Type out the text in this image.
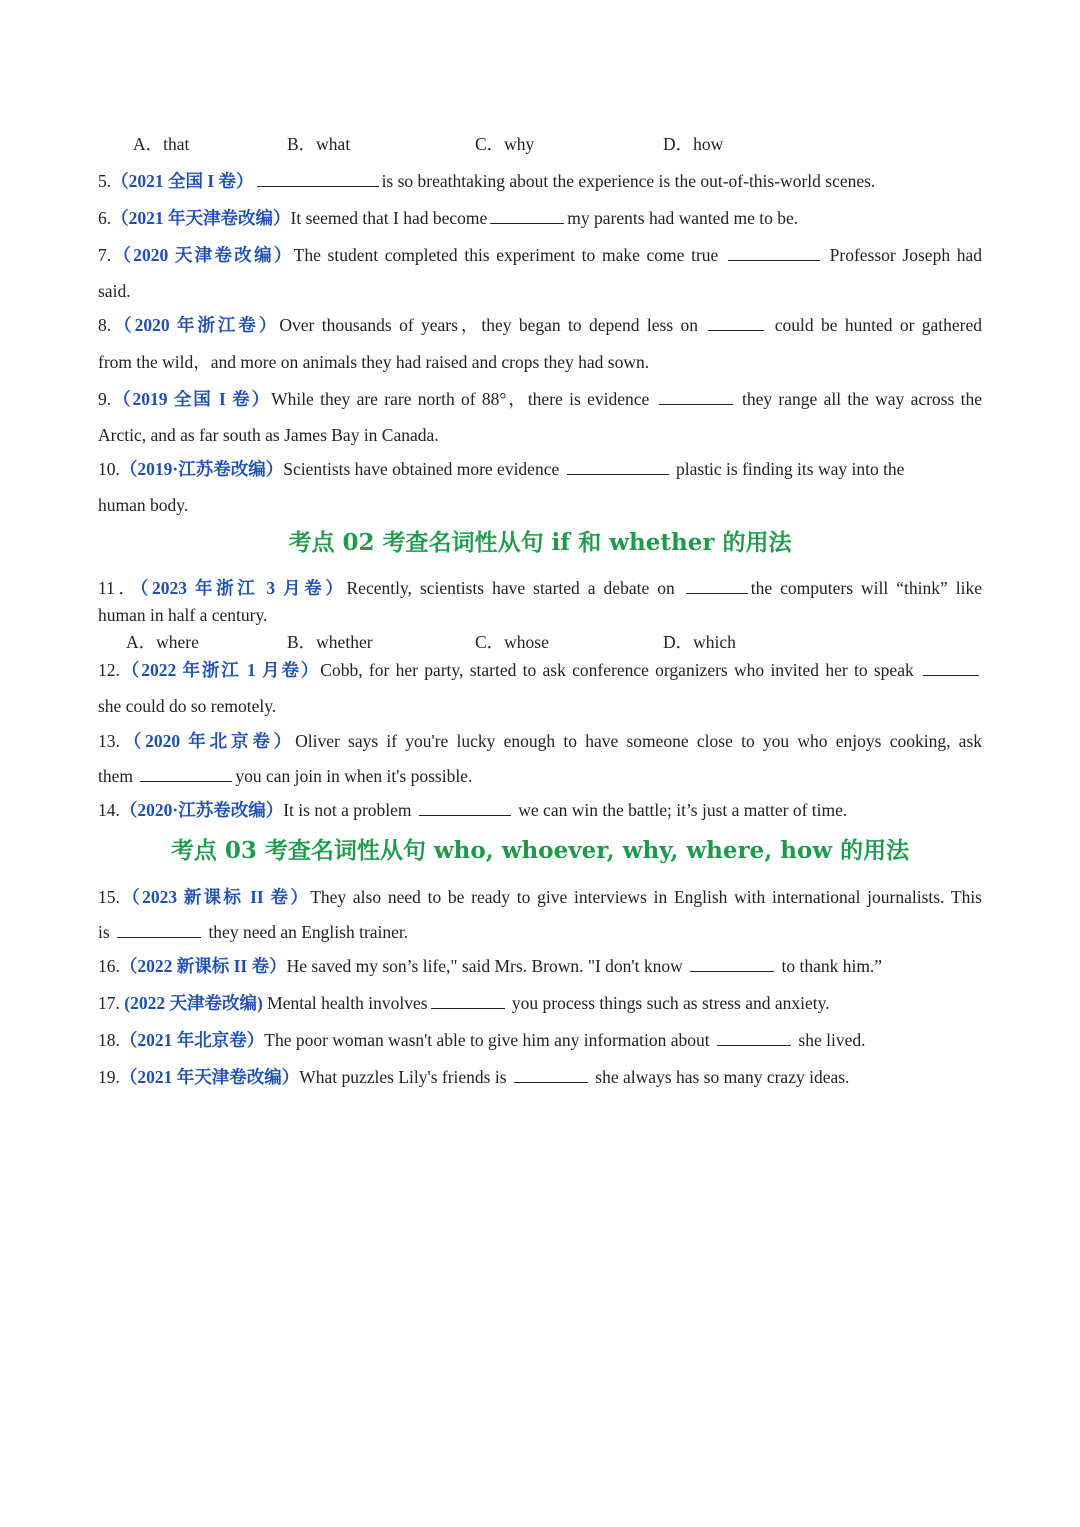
A．that	B．what	C．why	D．how
5.（2021 全国 I 卷）	is so breathtaking about the experience is the out-of-this-world scenes.
6.（2021 年天津卷改编）It seemed that I had become	my parents had wanted me to be.
7.（2020 天津卷改编）The student completed this experiment to make come true	Professor Joseph had
said.
8.（2020 年浙江卷）Over thousands of years，they began to depend less on	could be hunted or gathered
from the wild，and more on animals they had raised and crops they had sown.
9.（2019 全国 I 卷）While they are rare north of 88°，there is evidence	they range all the way across the
Arctic, and as far south as James Bay in Canada.
10.（2019·江苏卷改编）Scientists have obtained more evidence	plastic is finding its way into the
human body.
考点 02 考查名词性从句 if 和 whether 的用法
11．（2023 年浙江 3 月卷）Recently, scientists have started a debate on	the computers will “think” like
human in half a century.
A．where	B．whether	C．whose	D．which
12.（2022 年浙江 1 月卷）Cobb, for her party, started to ask conference organizers who invited her to speak
she could do so remotely.
13.（2020 年北京卷）Oliver says if you're lucky enough to have someone close to you who enjoys cooking, ask
them	you can join in when it's possible.
14.（2020·江苏卷改编）It is not a problem	we can win the battle; it’s just a matter of time.
考点 03 考查名词性从句 who, whoever, why, where, how 的用法
15.（2023 新课标 II 卷）They also need to be ready to give interviews in English with international journalists. This
is	they need an English trainer.
16.（2022 新课标 II 卷）He saved my son’s life," said Mrs. Brown. "I don't know	to thank him.”
17. (2022 天津卷改编) Mental health involves	you process things such as stress and anxiety.
18.（2021 年北京卷）The poor woman wasn't able to give him any information about	she lived.
19.（2021 年天津卷改编）What puzzles Lily's friends is	she always has so many crazy ideas.
